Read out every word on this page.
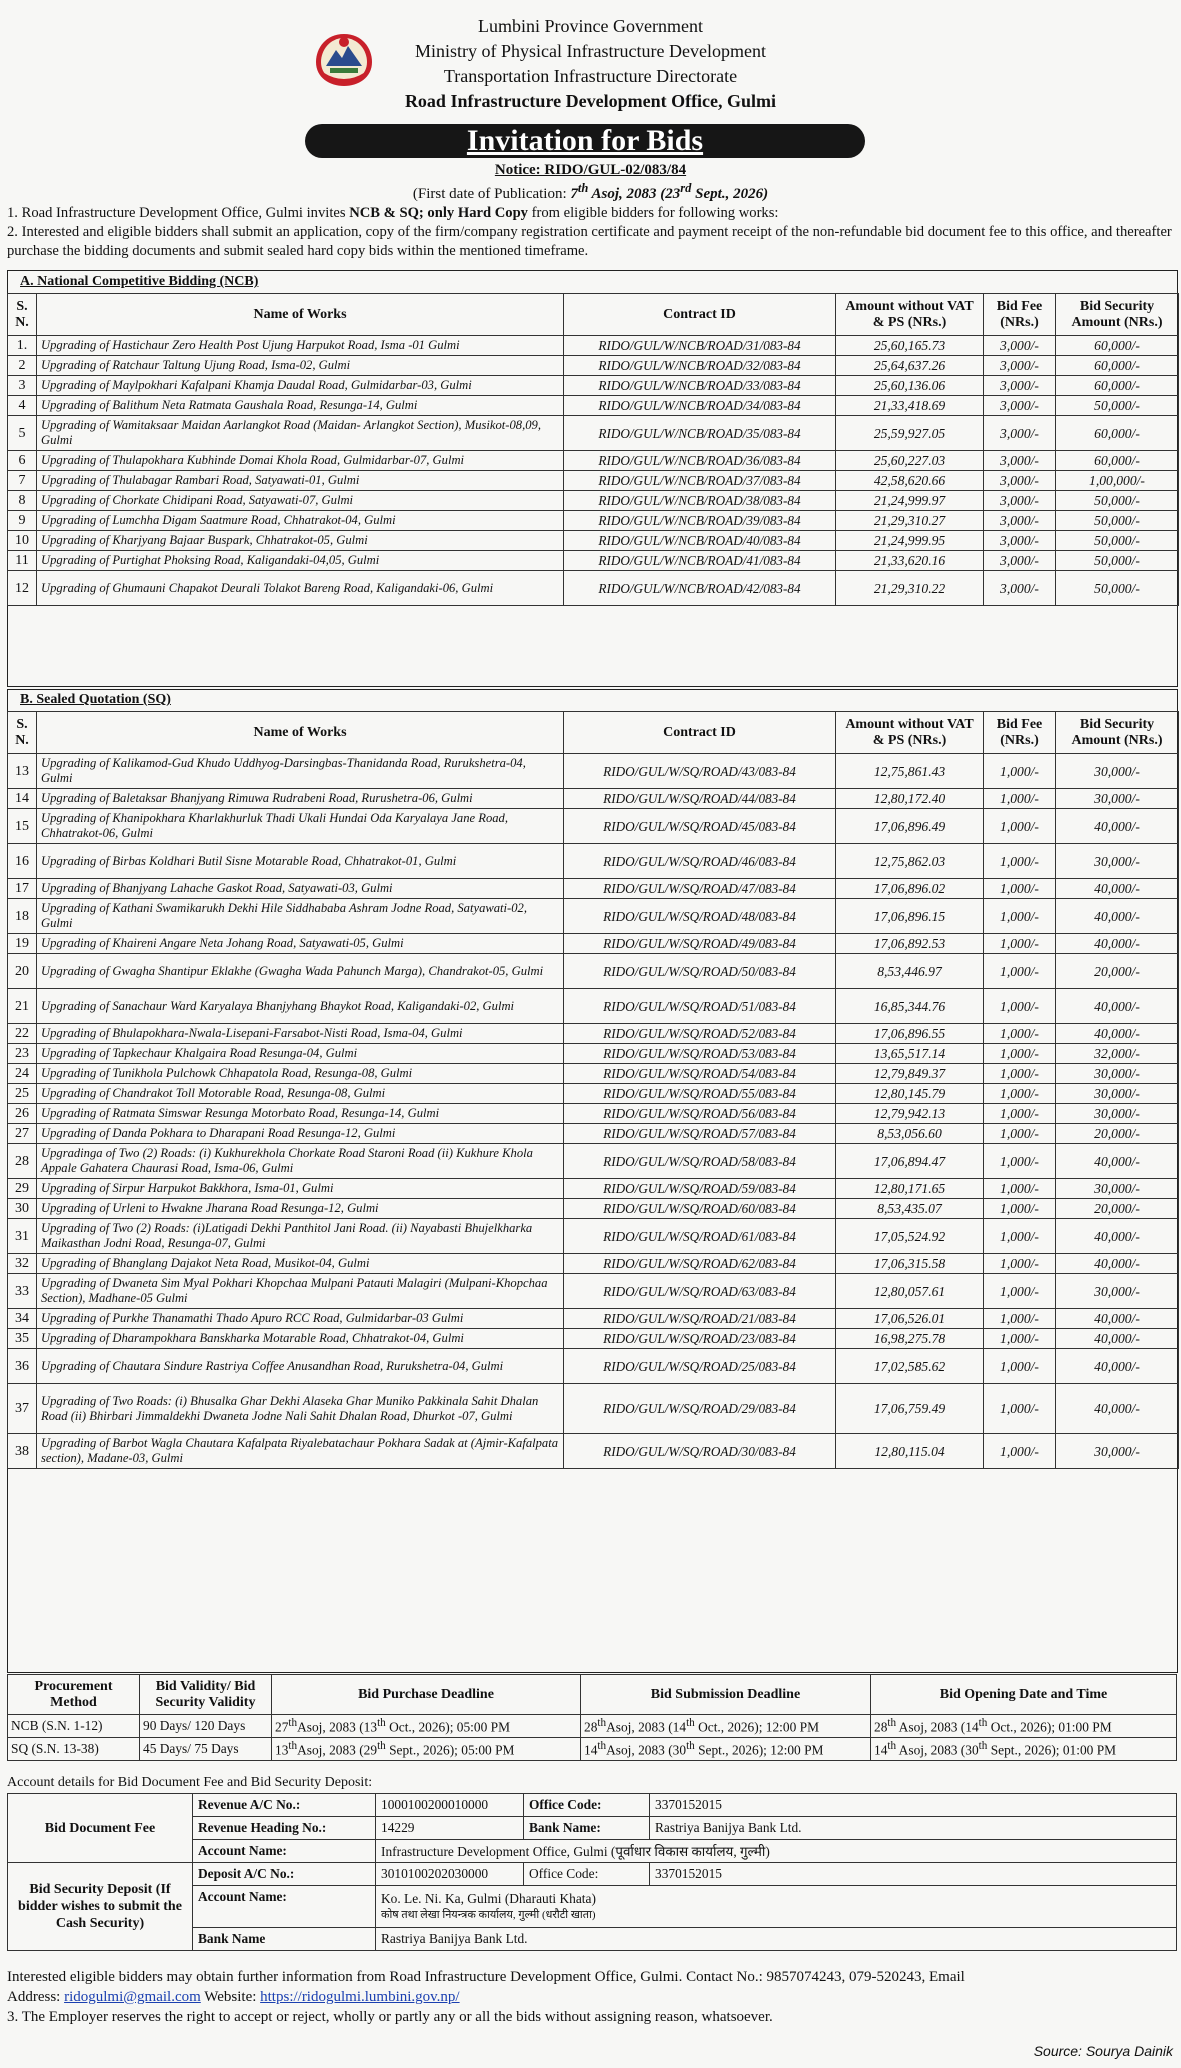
Lumbini Province Government
Ministry of Physical Infrastructure Development
Transportation Infrastructure Directorate
Road Infrastructure Development Office, Gulmi
Invitation for Bids
Notice: RIDO/GUL-02/083/84
(First date of Publication: 7th Asoj, 2083 (23rd Sept., 2026)

1. Road Infrastructure Development Office, Gulmi invites NCB & SQ; only Hard Copy from eligible bidders for following works:

2. Interested and eligible bidders shall submit an application, copy of the firm/company registration certificate and payment receipt of the non-refundable bid document fee to this office, and thereafter purchase the bidding documents and submit sealed hard copy bids within the mentioned timeframe.

A. National Competitive Bidding (NCB)
S. N.	Name of Works	Contract ID	Amount without VAT & PS (NRs.)	Bid Fee (NRs.)	Bid Security Amount (NRs.)
1.	Upgrading of Hastichaur Zero Health Post Ujung Harpukot Road, Isma -01 Gulmi	RIDO/GUL/W/NCB/ROAD/31/083-84	25,60,165.73	3,000/-	60,000/-
2	Upgrading of Ratchaur Taltung Ujung Road, Isma-02, Gulmi	RIDO/GUL/W/NCB/ROAD/32/083-84	25,64,637.26	3,000/-	60,000/-
3	Upgrading of Maylpokhari Kafalpani Khamja Daudal Road, Gulmidarbar-03, Gulmi	RIDO/GUL/W/NCB/ROAD/33/083-84	25,60,136.06	3,000/-	60,000/-
4	Upgrading of Balithum Neta Ratmata Gaushala Road, Resunga-14, Gulmi	RIDO/GUL/W/NCB/ROAD/34/083-84	21,33,418.69	3,000/-	50,000/-
5	Upgrading of Wamitaksaar Maidan Aarlangkot Road (Maidan- Arlangkot Section), Musikot-08,09, Gulmi	RIDO/GUL/W/NCB/ROAD/35/083-84	25,59,927.05	3,000/-	60,000/-
6	Upgrading of Thulapokhara Kubhinde Domai Khola Road, Gulmidarbar-07, Gulmi	RIDO/GUL/W/NCB/ROAD/36/083-84	25,60,227.03	3,000/-	60,000/-
7	Upgrading of Thulabagar Rambari Road, Satyawati-01, Gulmi	RIDO/GUL/W/NCB/ROAD/37/083-84	42,58,620.66	3,000/-	1,00,000/-
8	Upgrading of Chorkate Chidipani Road, Satyawati-07, Gulmi	RIDO/GUL/W/NCB/ROAD/38/083-84	21,24,999.97	3,000/-	50,000/-
9	Upgrading of Lumchha Digam Saatmure Road, Chhatrakot-04, Gulmi	RIDO/GUL/W/NCB/ROAD/39/083-84	21,29,310.27	3,000/-	50,000/-
10	Upgrading of Kharjyang Bajaar Buspark, Chhatrakot-05, Gulmi	RIDO/GUL/W/NCB/ROAD/40/083-84	21,24,999.95	3,000/-	50,000/-
11	Upgrading of Purtighat Phoksing Road, Kaligandaki-04,05, Gulmi	RIDO/GUL/W/NCB/ROAD/41/083-84	21,33,620.16	3,000/-	50,000/-
12	Upgrading of Ghumauni Chapakot Deurali Tolakot Bareng Road, Kaligandaki-06, Gulmi	RIDO/GUL/W/NCB/ROAD/42/083-84	21,29,310.22	3,000/-	50,000/-
B. Sealed Quotation (SQ)
S. N.	Name of Works	Contract ID	Amount without VAT & PS (NRs.)	Bid Fee (NRs.)	Bid Security Amount (NRs.)
13	Upgrading of Kalikamod-Gud Khudo Uddhyog-Darsingbas-Thanidanda Road, Rurukshetra-04, Gulmi	RIDO/GUL/W/SQ/ROAD/43/083-84	12,75,861.43	1,000/-	30,000/-
14	Upgrading of Baletaksar Bhanjyang Rimuwa Rudrabeni Road, Rurushetra-06, Gulmi	RIDO/GUL/W/SQ/ROAD/44/083-84	12,80,172.40	1,000/-	30,000/-
15	Upgrading of Khanipokhara Kharlakhurluk Thadi Ukali Hundai Oda Karyalaya Jane Road, Chhatrakot-06, Gulmi	RIDO/GUL/W/SQ/ROAD/45/083-84	17,06,896.49	1,000/-	40,000/-
16	Upgrading of Birbas Koldhari Butil Sisne Motarable Road, Chhatrakot-01, Gulmi	RIDO/GUL/W/SQ/ROAD/46/083-84	12,75,862.03	1,000/-	30,000/-
17	Upgrading of Bhanjyang Lahache Gaskot Road, Satyawati-03, Gulmi	RIDO/GUL/W/SQ/ROAD/47/083-84	17,06,896.02	1,000/-	40,000/-
18	Upgrading of Kathani Swamikarukh Dekhi Hile Siddhababa Ashram Jodne Road, Satyawati-02, Gulmi	RIDO/GUL/W/SQ/ROAD/48/083-84	17,06,896.15	1,000/-	40,000/-
19	Upgrading of Khaireni Angare Neta Johang Road, Satyawati-05, Gulmi	RIDO/GUL/W/SQ/ROAD/49/083-84	17,06,892.53	1,000/-	40,000/-
20	Upgrading of Gwagha Shantipur Eklakhe (Gwagha Wada Pahunch Marga), Chandrakot-05, Gulmi	RIDO/GUL/W/SQ/ROAD/50/083-84	8,53,446.97	1,000/-	20,000/-
21	Upgrading of Sanachaur Ward Karyalaya Bhanjyhang Bhaykot Road, Kaligandaki-02, Gulmi	RIDO/GUL/W/SQ/ROAD/51/083-84	16,85,344.76	1,000/-	40,000/-
22	Upgrading of Bhulapokhara-Nwala-Lisepani-Farsabot-Nisti Road, Isma-04, Gulmi	RIDO/GUL/W/SQ/ROAD/52/083-84	17,06,896.55	1,000/-	40,000/-
23	Upgrading of Tapkechaur Khalgaira Road Resunga-04, Gulmi	RIDO/GUL/W/SQ/ROAD/53/083-84	13,65,517.14	1,000/-	32,000/-
24	Upgrading of Tunikhola Pulchowk Chhapatola Road, Resunga-08, Gulmi	RIDO/GUL/W/SQ/ROAD/54/083-84	12,79,849.37	1,000/-	30,000/-
25	Upgrading of Chandrakot Toll Motorable Road, Resunga-08, Gulmi	RIDO/GUL/W/SQ/ROAD/55/083-84	12,80,145.79	1,000/-	30,000/-
26	Upgrading of Ratmata Simswar Resunga Motorbato Road, Resunga-14, Gulmi	RIDO/GUL/W/SQ/ROAD/56/083-84	12,79,942.13	1,000/-	30,000/-
27	Upgrading of Danda Pokhara to Dharapani Road Resunga-12, Gulmi	RIDO/GUL/W/SQ/ROAD/57/083-84	8,53,056.60	1,000/-	20,000/-
28	Upgradinga of Two (2) Roads: (i) Kukhurekhola Chorkate Road Staroni Road (ii) Kukhure Khola Appale Gahatera Chaurasi Road, Isma-06, Gulmi	RIDO/GUL/W/SQ/ROAD/58/083-84	17,06,894.47	1,000/-	40,000/-
29	Upgrading of Sirpur Harpukot Bakkhora, Isma-01, Gulmi	RIDO/GUL/W/SQ/ROAD/59/083-84	12,80,171.65	1,000/-	30,000/-
30	Upgrading of Urleni to Hwakne Jharana Road Resunga-12, Gulmi	RIDO/GUL/W/SQ/ROAD/60/083-84	8,53,435.07	1,000/-	20,000/-
31	Upgrading of Two (2) Roads: (i)Latigadi Dekhi Panthitol Jani Road. (ii) Nayabasti Bhujelkharka Maikasthan Jodni Road, Resunga-07, Gulmi	RIDO/GUL/W/SQ/ROAD/61/083-84	17,05,524.92	1,000/-	40,000/-
32	Upgrading of Bhanglang Dajakot Neta Road, Musikot-04, Gulmi	RIDO/GUL/W/SQ/ROAD/62/083-84	17,06,315.58	1,000/-	40,000/-
33	Upgrading of Dwaneta Sim Myal Pokhari Khopchaa Mulpani Patauti Malagiri (Mulpani-Khopchaa Section), Madhane-05 Gulmi	RIDO/GUL/W/SQ/ROAD/63/083-84	12,80,057.61	1,000/-	30,000/-
34	Upgrading of Purkhe Thanamathi Thado Apuro RCC Road, Gulmidarbar-03 Gulmi	RIDO/GUL/W/SQ/ROAD/21/083-84	17,06,526.01	1,000/-	40,000/-
35	Upgrading of Dharampokhara Banskharka Motarable Road, Chhatrakot-04, Gulmi	RIDO/GUL/W/SQ/ROAD/23/083-84	16,98,275.78	1,000/-	40,000/-
36	Upgrading of Chautara Sindure Rastriya Coffee Anusandhan Road, Rurukshetra-04, Gulmi	RIDO/GUL/W/SQ/ROAD/25/083-84	17,02,585.62	1,000/-	40,000/-
37	Upgrading of Two Roads: (i) Bhusalka Ghar Dekhi Alaseka Ghar Muniko Pakkinala Sahit Dhalan Road (ii) Bhirbari Jimmaldekhi Dwaneta Jodne Nali Sahit Dhalan Road, Dhurkot -07, Gulmi	RIDO/GUL/W/SQ/ROAD/29/083-84	17,06,759.49	1,000/-	40,000/-
38	Upgrading of Barbot Wagla Chautara Kafalpata Riyalebatachaur Pokhara Sadak at (Ajmir-Kafalpata section), Madane-03, Gulmi	RIDO/GUL/W/SQ/ROAD/30/083-84	12,80,115.04	1,000/-	30,000/-
Procurement Method	Bid Validity/ Bid Security Validity	Bid Purchase Deadline	Bid Submission Deadline	Bid Opening Date and Time
NCB (S.N. 1-12)	90 Days/ 120 Days	27thAsoj, 2083 (13th Oct., 2026); 05:00 PM	28thAsoj, 2083 (14th Oct., 2026); 12:00 PM	28th Asoj, 2083 (14th Oct., 2026); 01:00 PM
SQ (S.N. 13-38)	45 Days/ 75 Days	13thAsoj, 2083 (29th Sept., 2026); 05:00 PM	14thAsoj, 2083 (30th Sept., 2026); 12:00 PM	14th Asoj, 2083 (30th Sept., 2026); 01:00 PM
Account details for Bid Document Fee and Bid Security Deposit:
Bid Document Fee	Revenue A/C No.:	1000100200010000	Office Code:	3370152015
	Revenue Heading No.:	14229	Bank Name:	Rastriya Banijya Bank Ltd.
	Account Name:	Infrastructure Development Office, Gulmi (पूर्वाधार विकास कार्यालय, गुल्मी)		
Bid Security Deposit (If bidder wishes to submit the Cash Security)	Deposit A/C No.:	3010100202030000	Office Code:	3370152015
	Account Name:	Ko. Le. Ni. Ka, Gulmi (Dharauti Khata)
कोष तथा लेखा नियन्त्रक कार्यालय, गुल्मी (धरौटी खाता)		

	Bank Name	Rastriya Banijya Bank Ltd.		

Interested eligible bidders may obtain further information from Road Infrastructure Development Office, Gulmi. Contact No.: 9857074243, 079-520243, Email

Address: ridogulmi@gmail.com Website: https://ridogulmi.lumbini.gov.np/

3. The Employer reserves the right to accept or reject, wholly or partly any or all the bids without assigning reason, whatsoever.

Source: Sourya Dainik
